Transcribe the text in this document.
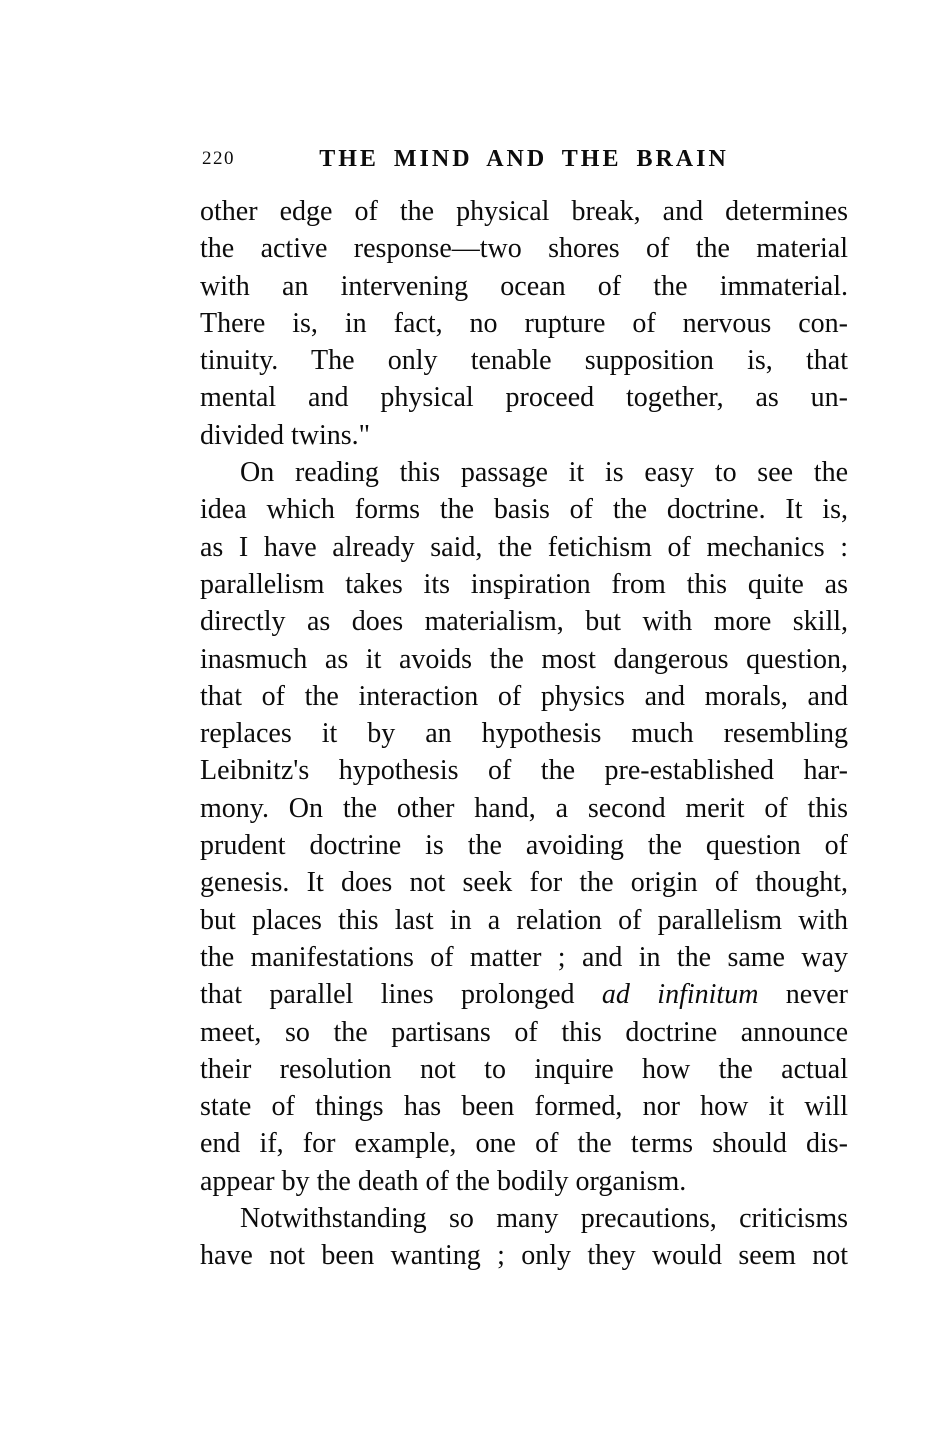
220	THE MIND AND THE BRAIN
other edge of the physical break, and determines
the active response—two shores of the material
with an intervening ocean of the immaterial.
There is, in fact, no rupture of nervous con-
tinuity. The only tenable supposition is, that
mental and physical proceed together, as un-
divided twins."
On reading this passage it is easy to see the
idea which forms the basis of the doctrine. It is,
as I have already said, the fetichism of mechanics :
parallelism takes its inspiration from this quite as
directly as does materialism, but with more skill,
inasmuch as it avoids the most dangerous question,
that of the interaction of physics and morals, and
replaces it by an hypothesis much resembling
Leibnitz's hypothesis of the pre-established har-
mony. On the other hand, a second merit of this
prudent doctrine is the avoiding the question of
genesis. It does not seek for the origin of thought,
but places this last in a relation of parallelism with
the manifestations of matter ; and in the same way
that parallel lines prolonged ad infinitum never
meet, so the partisans of this doctrine announce
their resolution not to inquire how the actual
state of things has been formed, nor how it will
end if, for example, one of the terms should dis-
appear by the death of the bodily organism.
Notwithstanding so many precautions, criticisms
have not been wanting ; only they would seem not
